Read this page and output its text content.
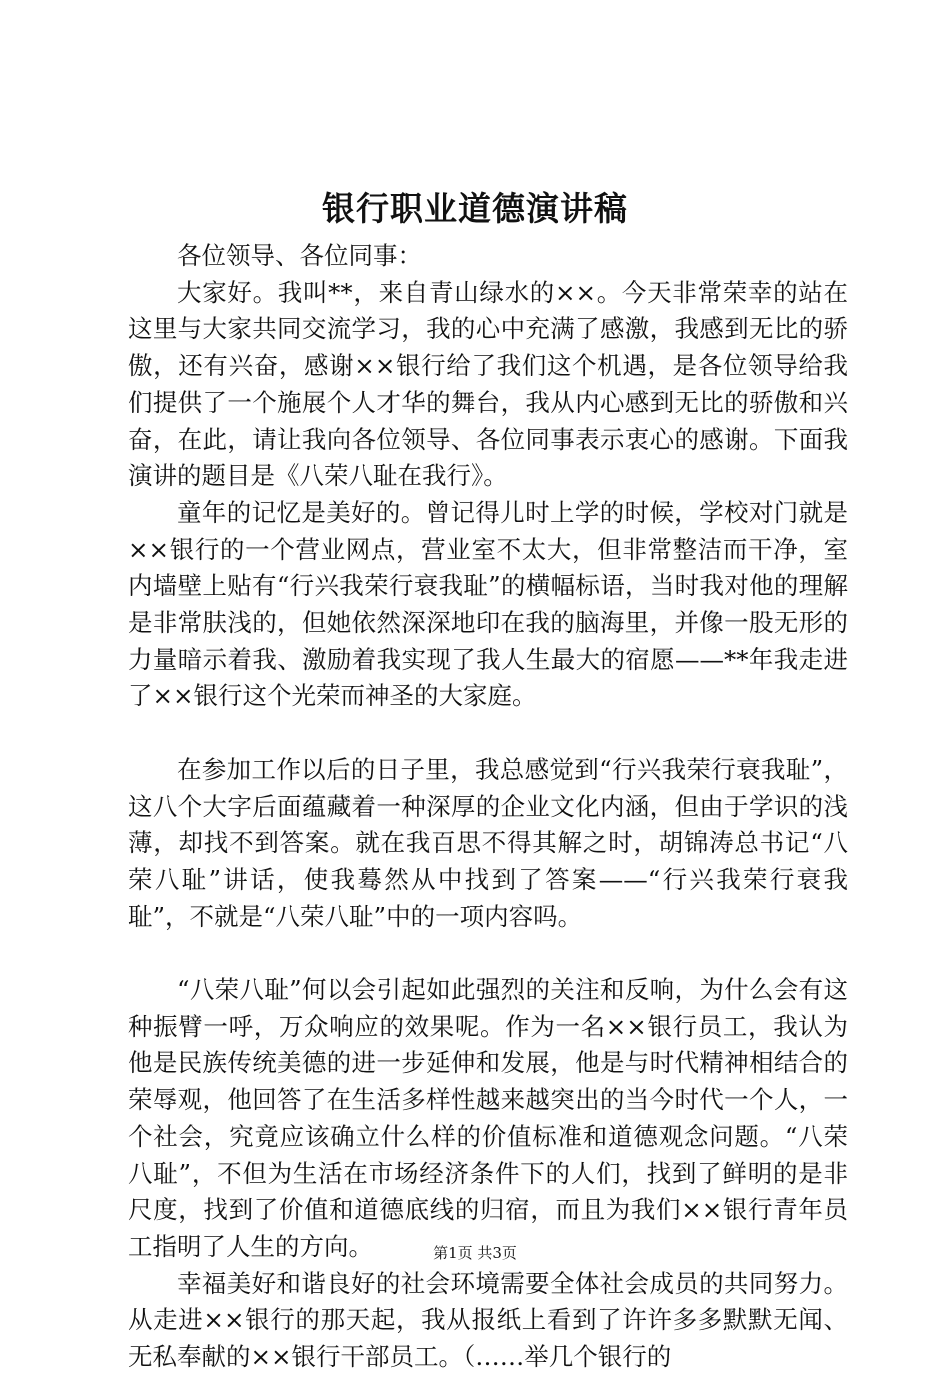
银行职业道德演讲稿

各位领导、各位同事：

大家好。我叫**，来自青山绿水的××。今天非常荣幸的站在这里与大家共同交流学习，我的心中充满了感激，我感到无比的骄傲，还有兴奋，感谢××银行给了我们这个机遇，是各位领导给我们提供了一个施展个人才华的舞台，我从内心感到无比的骄傲和兴奋，在此，请让我向各位领导、各位同事表示衷心的感谢。下面我演讲的题目是《八荣八耻在我行》。

童年的记忆是美好的。曾记得儿时上学的时候，学校对门就是××银行的一个营业网点，营业室不太大，但非常整洁而干净，室内墙壁上贴有“行兴我荣行衰我耻”的横幅标语，当时我对他的理解是非常肤浅的，但她依然深深地印在我的脑海里，并像一股无形的力量暗示着我、激励着我实现了我人生最大的宿愿——**年我走进了××银行这个光荣而神圣的大家庭。

在参加工作以后的日子里，我总感觉到“行兴我荣行衰我耻”，这八个大字后面蕴藏着一种深厚的企业文化内涵，但由于学识的浅薄，却找不到答案。就在我百思不得其解之时，胡锦涛总书记“八荣八耻”讲话，使我蓦然从中找到了答案——“行兴我荣行衰我耻”，不就是“八荣八耻”中的一项内容吗。

“八荣八耻”何以会引起如此强烈的关注和反响，为什么会有这种振臂一呼，万众响应的效果呢。作为一名××银行员工，我认为他是民族传统美德的进一步延伸和发展，他是与时代精神相结合的荣辱观，他回答了在生活多样性越来越突出的当今时代一个人，一个社会，究竟应该确立什么样的价值标准和道德观念问题。“八荣八耻”，不但为生活在市场经济条件下的人们，找到了鲜明的是非尺度，找到了价值和道德底线的归宿，而且为我们××银行青年员工指明了人生的方向。

幸福美好和谐良好的社会环境需要全体社会成员的共同努力。从走进××银行的那天起，我从报纸上看到了许许多多默默无闻、无私奉献的××银行干部员工。（……举几个银行的

第1页 共3页
